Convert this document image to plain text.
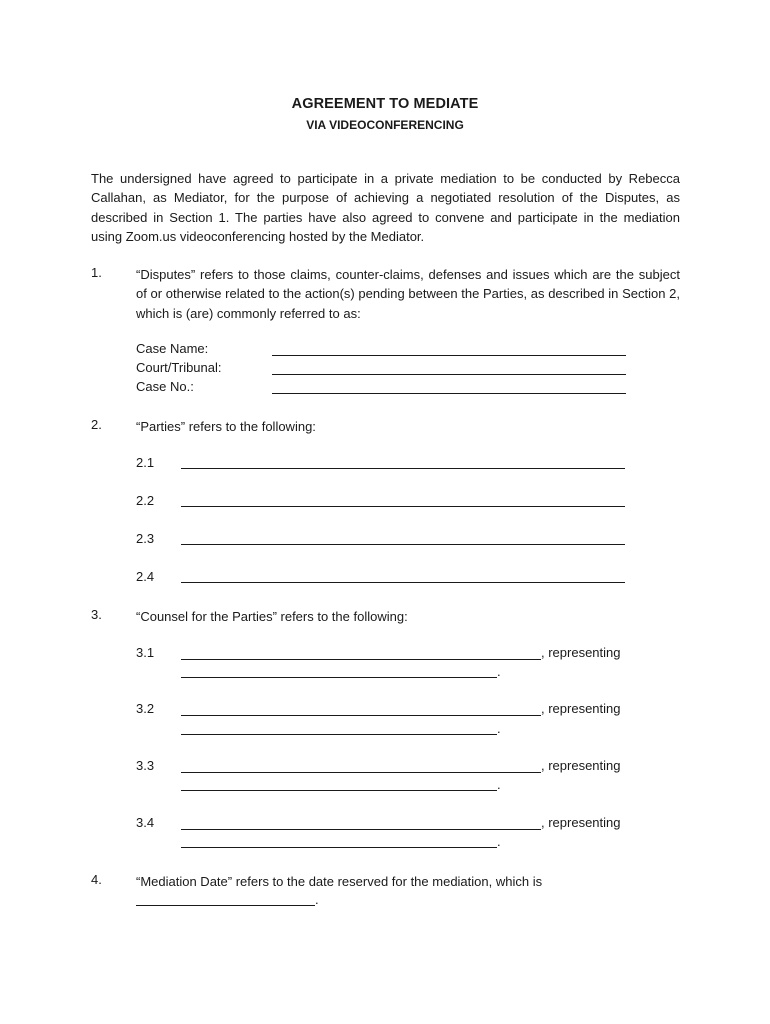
AGREEMENT TO MEDIATE
VIA VIDEOCONFERENCING

The undersigned have agreed to participate in a private mediation to be conducted by Rebecca Callahan, as Mediator, for the purpose of achieving a negotiated resolution of the Disputes, as described in Section 1. The parties have also agreed to convene and participate in the mediation using Zoom.us videoconferencing hosted by the Mediator.

1.	“Disputes” refers to those claims, counter-claims, defenses and issues which are the subject of or otherwise related to the action(s) pending between the Parties, as described in Section 2, which is (are) commonly referred to as:

Case Name:
Court/Tribunal:
Case No.:
2.	“Parties” refers to the following:
2.1
2.2
2.3
2.4
3.	“Counsel for the Parties” refers to the following:
3.1	, representing
.
3.2	, representing
.
3.3	, representing
.
3.4	, representing
.
4.	“Mediation Date” refers to the date reserved for the mediation, which is
.
